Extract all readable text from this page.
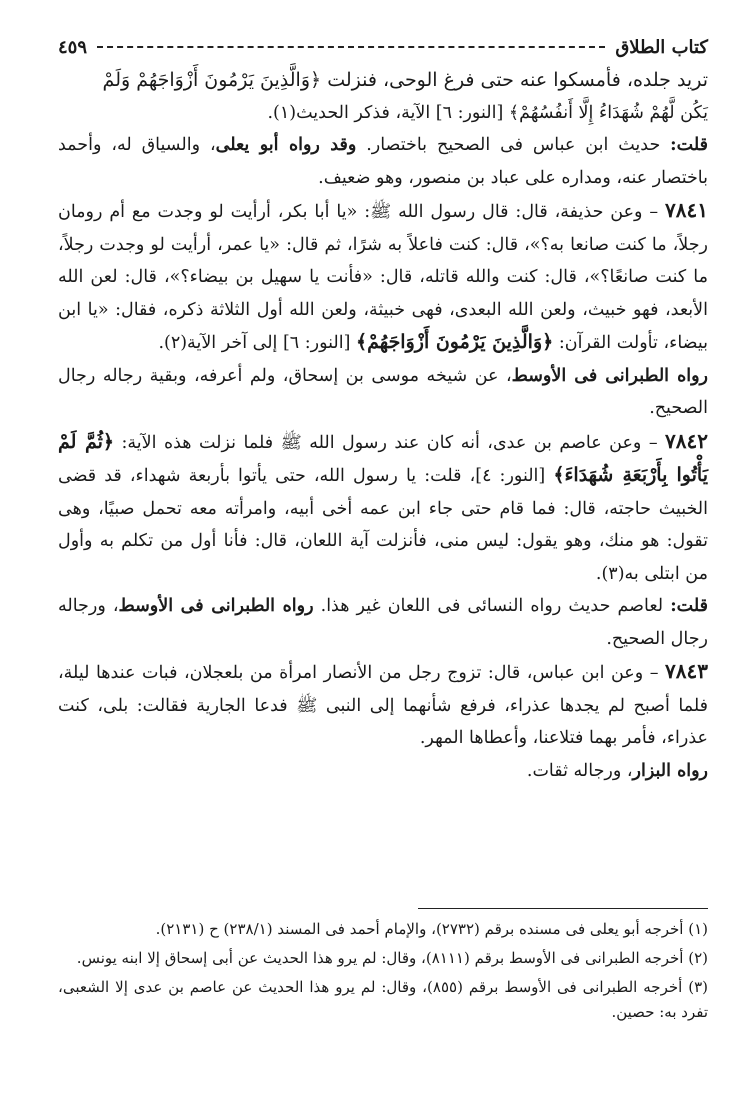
كتاب الطلاق
٤٥٩

تريد جلده، فأمسكوا عنه حتى فرغ الوحى، فنزلت ﴿وَالَّذِينَ يَرْمُونَ أَزْوَاجَهُمْ وَلَمْ

يَكُن لَّهُمْ شُهَدَاءُ إِلَّا أَنفُسُهُمْ﴾ [النور: ٦] الآية، فذكر الحديث(١).

قلت: حديث ابن عباس فى الصحيح باختصار. وقد رواه أبو يعلى، والسياق له، وأحمد باختصار عنه، ومداره على عباد بن منصور، وهو ضعيف.

٧٨٤١ – وعن حذيفة، قال: قال رسول الله ﷺ: «يا أبا بكر، أرأيت لو وجدت مع أم رومان رجلاً، ما كنت صانعا به؟»، قال: كنت فاعلاً به شرًا، ثم قال: «يا عمر، أرأيت لو وجدت رجلاً، ما كنت صانعًا؟»، قال: كنت والله قاتله، قال: «فأنت يا سهيل بن بيضاء؟»، قال: لعن الله الأبعد، فهو خبيث، ولعن الله البعدى، فهى خبيثة، ولعن الله أول الثلاثة ذكره، فقال: «يا ابن بيضاء، تأولت القرآن: ﴿وَالَّذِينَ يَرْمُونَ أَزْوَاجَهُمْ﴾ [النور: ٦] إلى آخر الآية(٢).

رواه الطبرانى فى الأوسط، عن شيخه موسى بن إسحاق، ولم أعرفه، وبقية رجاله رجال الصحيح.

٧٨٤٢ – وعن عاصم بن عدى، أنه كان عند رسول الله ﷺ فلما نزلت هذه الآية: ﴿ثُمَّ لَمْ يَأْتُوا بِأَرْبَعَةِ شُهَدَاءَ﴾ [النور: ٤]، قلت: يا رسول الله، حتى يأتوا بأربعة شهداء، قد قضى الخبيث حاجته، قال: فما قام حتى جاء ابن عمه أخى أبيه، وامرأته معه تحمل صبيًا، وهى تقول: هو منك، وهو يقول: ليس منى، فأنزلت آية اللعان، قال: فأنا أول من تكلم به وأول من ابتلى به(٣).

قلت: لعاصم حديث رواه النسائى فى اللعان غير هذا. رواه الطبرانى فى الأوسط، ورجاله رجال الصحيح.

٧٨٤٣ – وعن ابن عباس، قال: تزوج رجل من الأنصار امرأة من بلعجلان، فبات عندها ليلة، فلما أصبح لم يجدها عذراء، فرفع شأنهما إلى النبى ﷺ فدعا الجارية فقالت: بلى، كنت عذراء، فأمر بهما فتلاعنا، وأعطاها المهر.

رواه البزار، ورجاله ثقات.

(١) أخرجه أبو يعلى فى مسنده برقم (٢٧٣٢)، والإمام أحمد فى المسند (٢٣٨/١) ح (٢١٣١).

(٢) أخرجه الطبرانى فى الأوسط برقم (٨١١١)، وقال: لم يرو هذا الحديث عن أبى إسحاق إلا ابنه يونس.

(٣) أخرجه الطبرانى فى الأوسط برقم (٨٥٥)، وقال: لم يرو هذا الحديث عن عاصم بن عدى إلا الشعبى، تفرد به: حصين.
